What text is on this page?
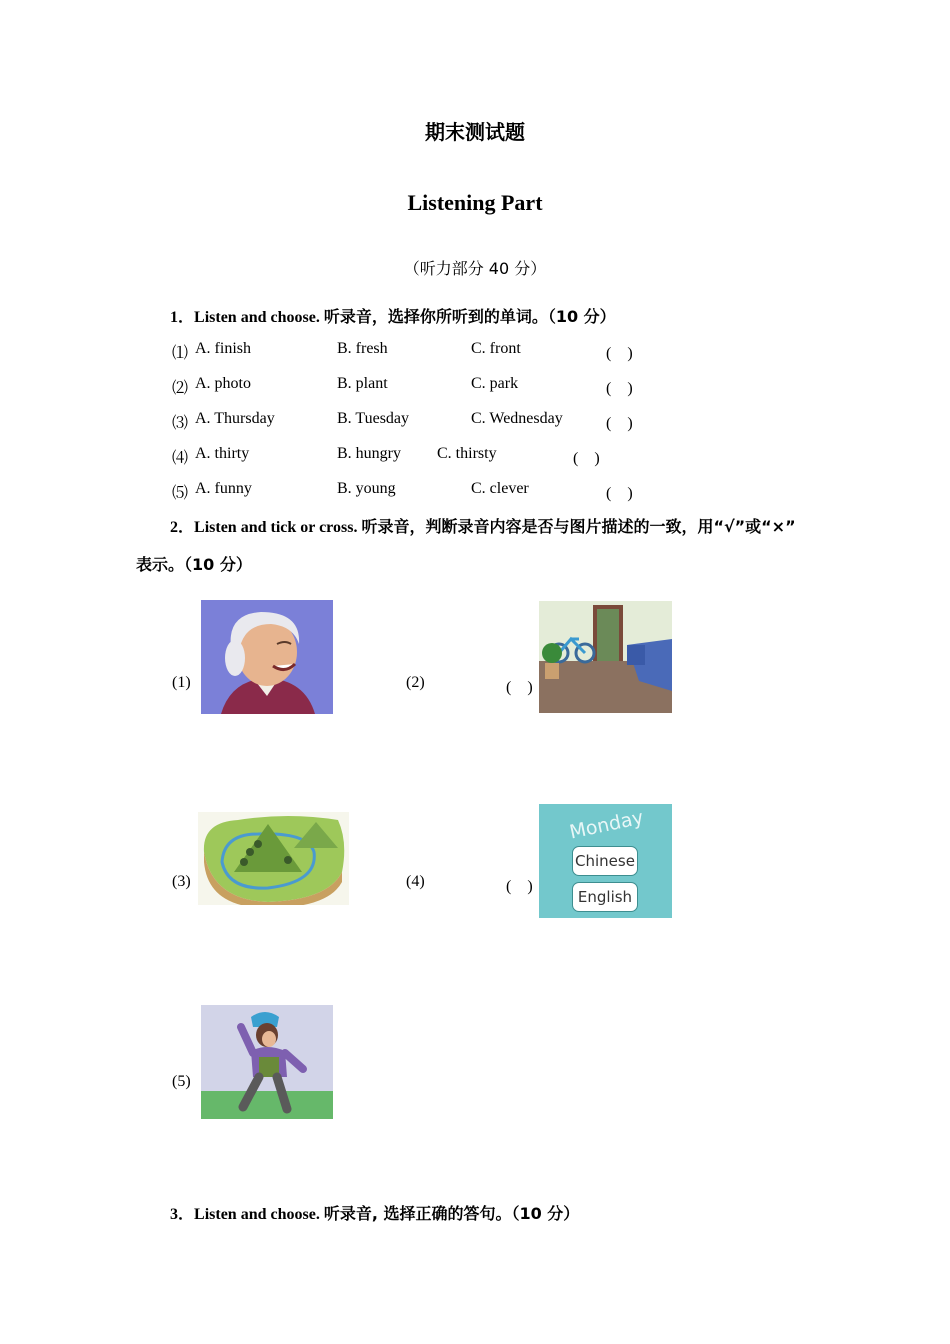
期末测试题
Listening Part
（听力部分 40 分）
1．Listen and choose. 听录音，选择你所听到的单词。（10 分）
⑴ A. finish	B. fresh	C. front	(　)
⑵ A. photo	B. plant	C. park	(　)
⑶ A. Thursday	B. Tuesday	C. Wednesday	(　)
⑷ A. thirty	B. hungry C. thirsty	(　)
⑸ A. funny	B. young	C. clever	(　)
2．Listen and tick or cross. 听录音，判断录音内容是否与图片描述的一致，用“√”或“×”
表示。（10 分）
(1)	(2)	(　)
(3)	(4)	(　)
Monday
Chinese
English
(5)
3．Listen and choose. 听录音, 选择正确的答句。（10 分）
